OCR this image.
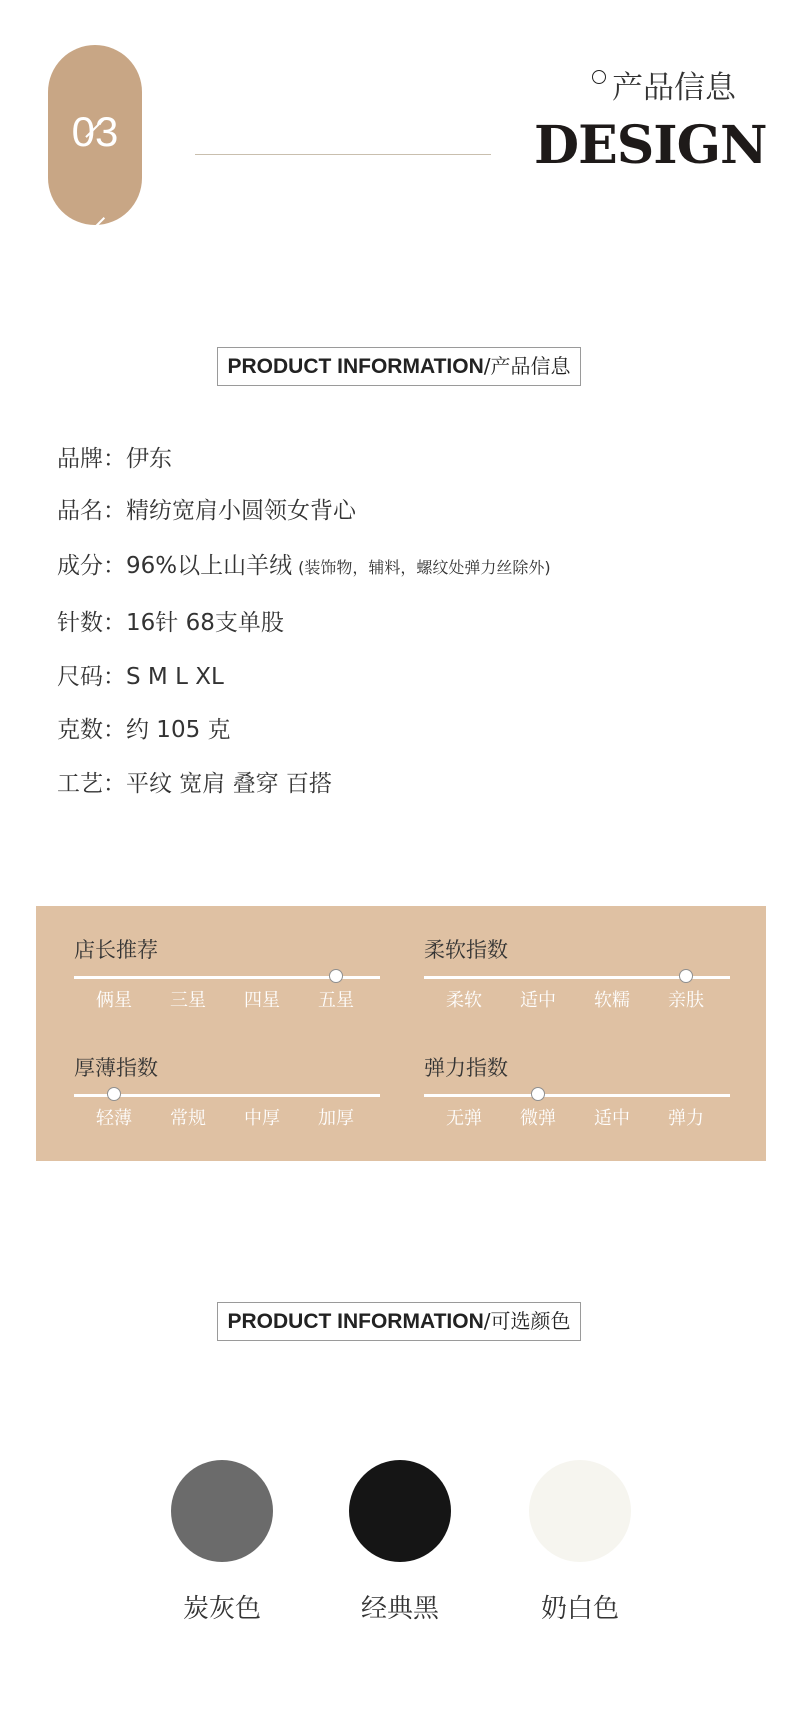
03
产品信息
DESIGN
PRODUCT INFORMATION/产品信息
品牌：伊东
品名：精纺宽肩小圆领女背心
成分：96%以上山羊绒 (装饰物，辅料，螺纹处弹力丝除外)
针数：16针 68支单股
尺码：S M L XL
克数：约 105 克
工艺：平纹 宽肩 叠穿 百搭
店长推荐
俩星	三星	四星	五星
柔软指数
柔软	适中	软糯	亲肤
厚薄指数
轻薄	常规	中厚	加厚
弹力指数
无弹	微弹	适中	弹力
PRODUCT INFORMATION/可选颜色
炭灰色	经典黑	奶白色
